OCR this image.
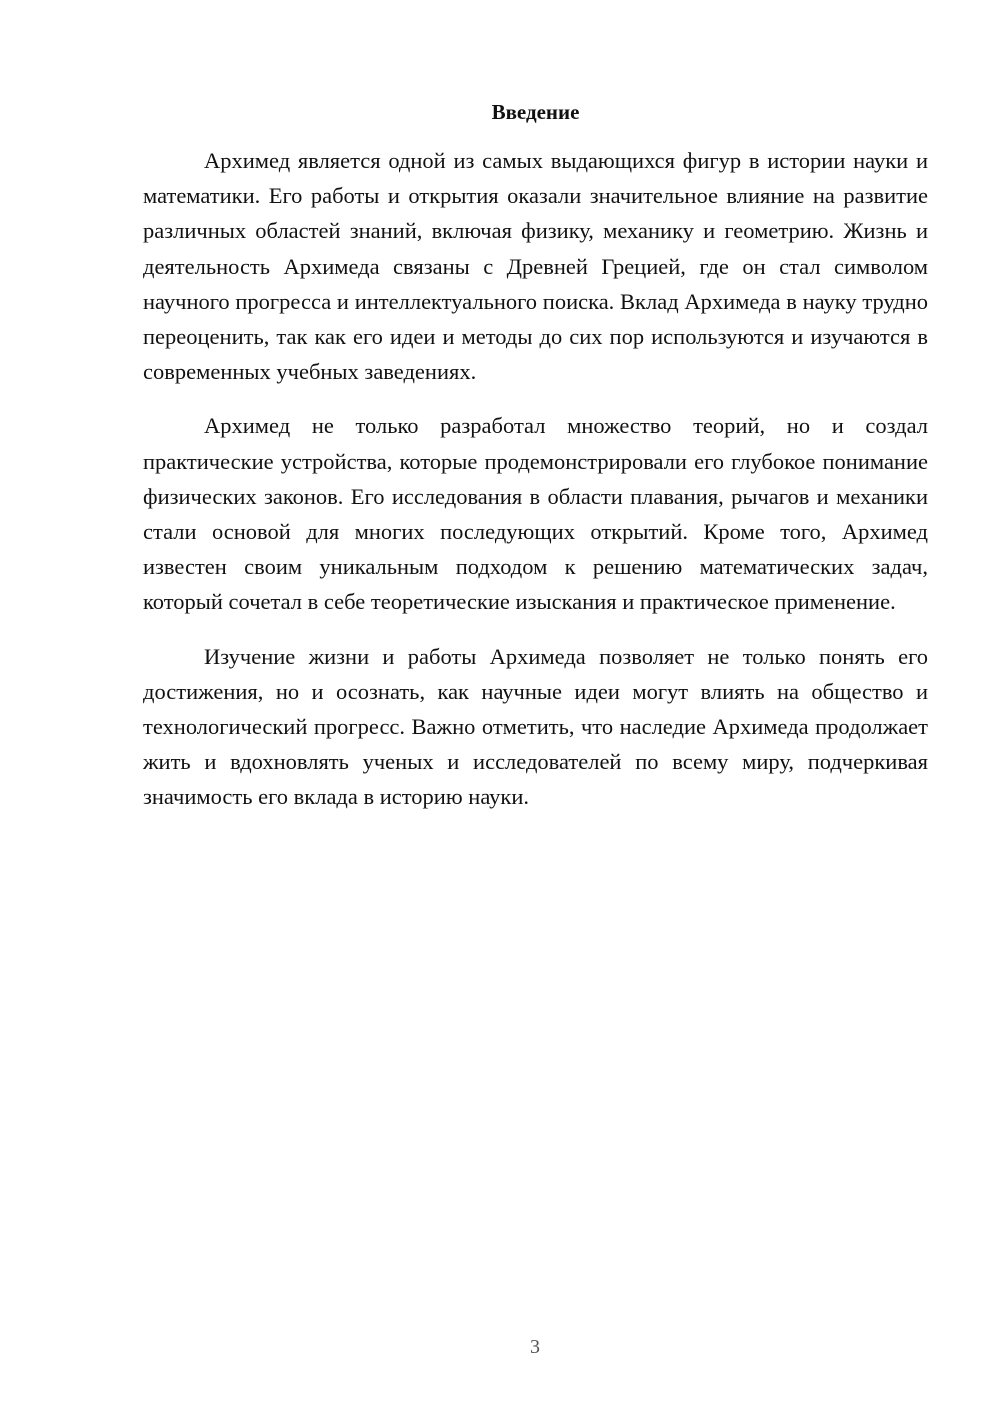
Введение

Архимед является одной из самых выдающихся фигур в истории науки и математики. Его работы и открытия оказали значительное влияние на развитие различных областей знаний, включая физику, механику и геометрию. Жизнь и деятельность Архимеда связаны с Древней Грецией, где он стал символом научного прогресса и интеллектуального поиска. Вклад Архимеда в науку трудно переоценить, так как его идеи и методы до сих пор используются и изучаются в современных учебных заведениях.

Архимед не только разработал множество теорий, но и создал практические устройства, которые продемонстрировали его глубокое понимание физических законов. Его исследования в области плавания, рычагов и механики стали основой для многих последующих открытий. Кроме того, Архимед известен своим уникальным подходом к решению математических задач, который сочетал в себе теоретические изыскания и практическое применение.

Изучение жизни и работы Архимеда позволяет не только понять его достижения, но и осознать, как научные идеи могут влиять на общество и технологический прогресс. Важно отметить, что наследие Архимеда продолжает жить и вдохновлять ученых и исследователей по всему миру, подчеркивая значимость его вклада в историю науки.

3
